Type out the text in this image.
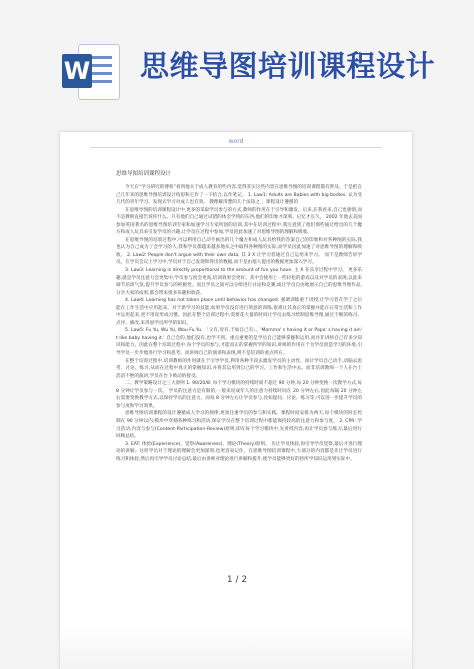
W 思维导图培训课程设计
word
思维导图培训课程设计

今天在“学习研究的博客”看到他关于成人教育的些内容,觉得其实这些内容在思维导图的培训课程都有涉及。于是把自己几年来的思维导图培训设计构思和它作了一下结合,以作笔记。 1. Law1: Adults are Babies with big bodies. 认为受几代的青年学习、发现式学习对成人也有效。 教理解清楚的几个法知之 。课程设计遵循的

在思维导图的培训课程设计中,更多的采取学员参与的方式,教师的作用在于引导和激发。后来,在我看来,自己也感情,而不是教师直接告诉你什么。只有他们自己通过试错的体会学到的东西,他们的印象才深刻、记忆才长久。 2002 年他去美国参加英国著名的思维导图培训专家和加速学习专家所创的培训,其中在培训过程中,我注意到了他们那些通过给出的几个魔方和成人玩具来引发学员的兴趣,让学员在过程中参加,学员因此加速了对思维导图的理解和吸收。

在思维导图的培训过程中,可以利用自己动手画出的几个魔方和成人玩具给我的答案自己的印象和对各种图的实际,我也认为自己成为了会学习的人,我和学员都越来越多地从之中取得各种图的实际,而学员因此加速了对思维导图的理解和吸收。 2. Law2: People don't argue with their own data, 其 3 X 让学习者通过自己运用来学习。 而不是教师告诉学员。在学员会议上学习中,学员对于自己发现和得出的数据,而不是由他人提出的数据更加深入学习。

3. Law3: Learning is directly proportional to the amount of fun you have. 主 X 在乐享过程中学习。 更多乐趣,就是学员注意力会更集中,学员参与度会更高,培训效果会更好。其中会使用上一些轻松的游戏以及对学员的表现,以此来调节培训气氛,提升学员参与的积极性。而且学员之间可以分组进行讨论和竞赛,或让学员自由地展示自己的思维导图作品,分享大家的成果,都会带来很多乐趣和收获。

4. Law4: Learning has not taken place until behavior has changed. 强调训练重于讲授,让学习者在学了之后能在工作生活中应用起来。对于新学习的技能,如果学员没有进行刻意的训练,很难让其真正的掌握并能在日常生活和工作中运用起来,更不用说形成习惯。因此在整个培训过程中,需要花大量的时间让学员去练习绘制思维导图,通过不断的练习、点评、修改,来巩固学员所学的知识。

5. Law5: Fu Yu, Wu Yu, Wou Fu Yu. 「父有,母有,不如自己有」。'Mamma' s having it or Papa' s having it ain' t like baby having it.' 自己会的,他们没有,也学不到。重点重要的是学员自己能够掌握和运用,而并非讲师自己有多少知识和能力。因此在整个培训过程中,每个学员的参与,才能真正的掌握所学的知识,讲师的作用在于为学员创造学习的环境,引导学员一步步地进行学习和思考。而讲师自己的演讲和表现,则不是培训的重点所在。

在整个培训过程中,培训教师的作用就在于引导学员,利用各种手段去激发学员的主动性。而让学员自己动手,动脑去思考、讨论、练习,从而在过程中真正的掌握知识,并将其运用到自己的学习、工作和生活中去。而非培训教师一个人在台上滔滔不绝的演讲,学员在台下被动的接受。

二、教学策略设计之三大原则 1. 90/20/8: 每个学习模块的持续时间不超过 90 分钟,每 20 分钟变换一次教学方式,每 8 分钟让学员参与一次。 学员的注意力是有限的,一般来说成年人的注意力持续时间在 20 分钟左右,因此每隔 20 分钟左右需要变换教学方式,以保持学员的注意力。而每 8 分钟左右让学员参与,比如提问、讨论、练习等,可以进一步提升学员的参与度和学习效果。

思维导图培训课程的设计遵循成人学习的规律,更加注重学员的参与和实践。课程时间安排为两天,每个模块的时长控制在 90 分钟以内,模块中穿插各种练习和活动,保证学员在整个培训过程中都能保持较高的注意力和参与度。 2. CPR: 学习活动,内容与参与(Content-Participation-Review)原则,即在每个学习模块中,先讲授内容,再让学员参与练习,最后进行回顾总结。

3. EAT: 体验(Experience)、觉察(Awareness)、理论(Theory)原则。 先让学员体验,再引导学员觉察,最后才进行理论的讲解。这样学员对于理论的理解会更加深刻,也更容易记住。在思维导图培训课程中,大部分的内容都是先让学员进行练习和体验,然后再引导学员讨论总结,最后由讲师对理论进行讲解和提升,使学员能够更好的将所学知识运用到实际中。

1 / 2
